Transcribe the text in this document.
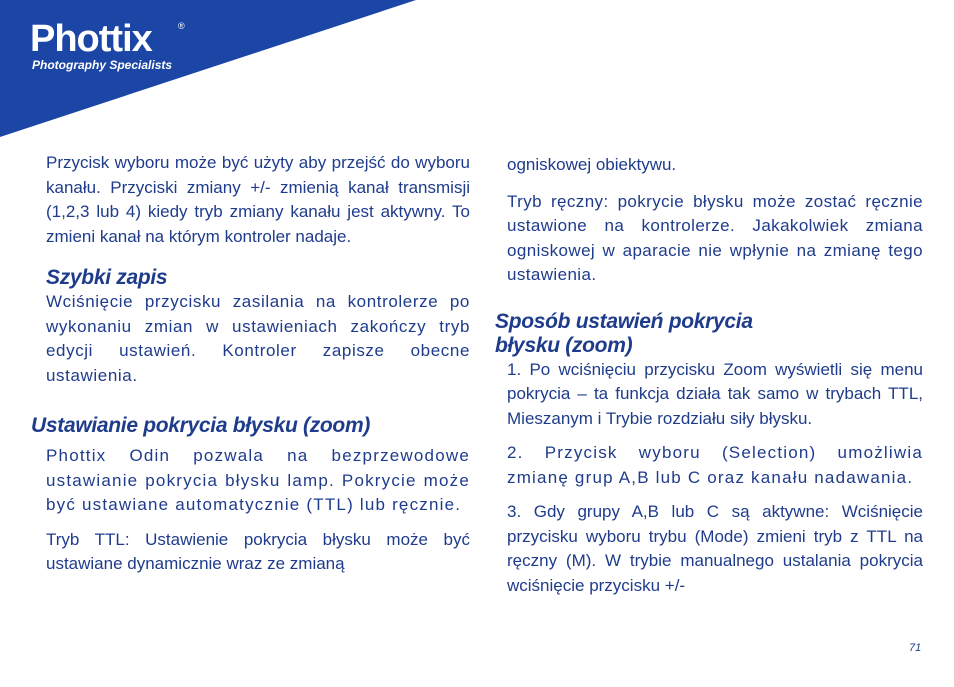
Phottix	®
Photography Specialists

Przycisk wyboru może być użyty aby przejść do wyboru kanału. Przyciski zmiany +/- zmienią kanał transmisji (1,2,3 lub 4) kiedy tryb zmiany kanału jest aktywny. To zmieni kanał na którym kontroler nadaje.

Szybki zapis

Wciśnięcie przycisku zasilania na kontrolerze po wykonaniu zmian w ustawieniach zakończy tryb edycji ustawień. Kontroler zapisze obecne ustawienia.

Ustawianie pokrycia błysku (zoom)

Phottix Odin pozwala na bezprzewodowe ustawianie pokrycia błysku lamp. Pokrycie może być ustawiane automatycznie (TTL) lub ręcznie.

Tryb TTL: Ustawienie pokrycia błysku może być ustawiane dynamicznie wraz ze zmianą

ogniskowej obiektywu.

Tryb ręczny: pokrycie błysku może zostać ręcznie ustawione na kontrolerze. Jakakolwiek zmiana ogniskowej w aparacie nie wpłynie na zmianę tego ustawienia.

Sposób ustawień pokrycia
błysku (zoom)

1. Po wciśnięciu przycisku Zoom wyświetli się menu pokrycia – ta funkcja działa tak samo w trybach TTL, Mieszanym i Trybie rozdziału siły błysku.

2. Przycisk wyboru (Selection) umożliwia zmianę grup A,B lub C oraz kanału nadawania.

3. Gdy grupy A,B lub C są aktywne: Wciśnięcie przycisku wyboru trybu (Mode) zmieni tryb z TTL na ręczny (M). W trybie manualnego ustalania pokrycia wciśnięcie przycisku +/-

71
